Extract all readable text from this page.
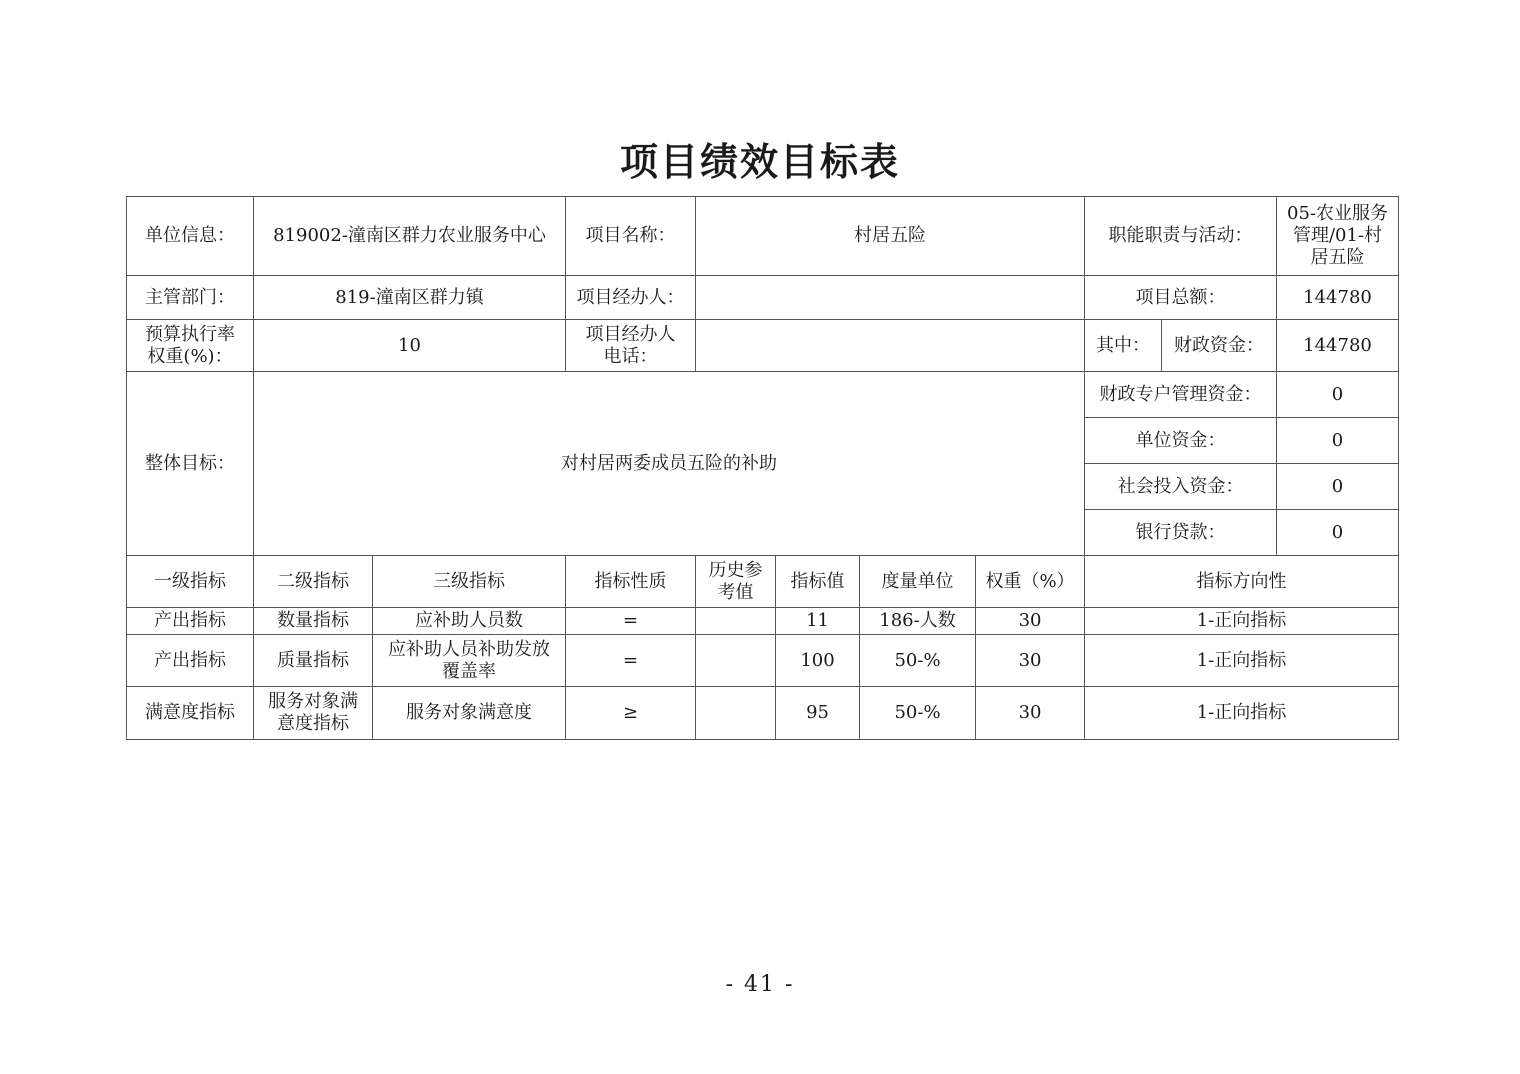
项目绩效目标表
单位信息：	819002-潼南区群力农业服务中心		项目名称：	村居五险				职能职责与活动：		05-农业服务管理/01-村居五险
主管部门：	819-潼南区群力镇		项目经办人：					项目总额：		144780
预算执行率权重(%)：	10		项目经办人电话：					其中：	财政资金：	144780
整体目标：	对村居两委成员五险的补助							财政专户管理资金：		0
								单位资金：		0
								社会投入资金：		0
								银行贷款：		0
一级指标	二级指标	三级指标	指标性质	历史参考值	指标值	度量单位	权重（%）	指标方向性		
产出指标	数量指标	应补助人员数	=		11	186-人数	30	1-正向指标		
产出指标	质量指标	应补助人员补助发放覆盖率	=		100	50-%	30	1-正向指标		
满意度指标	服务对象满意度指标	服务对象满意度	≥		95	50-%	30	1-正向指标		
- 41 -
